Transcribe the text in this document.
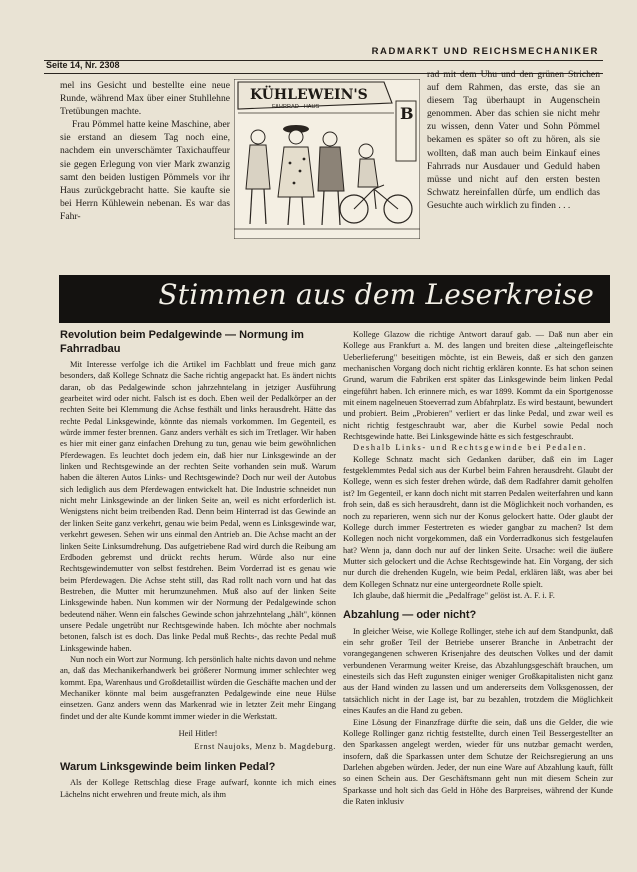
RADMARKT UND REICHSMECHANIKER
Seite 14, Nr. 2308

mel ins Gesicht und bestellte eine neue Runde, während Max über einer Stuhllehne Tretübungen machte.

Frau Pömmel hatte keine Maschine, aber sie erstand an diesem Tag noch eine, nachdem ein unverschämter Taxichauffeur sie gegen Erlegung von vier Mark zwanzig samt den beiden lustigen Pömmels vor ihr Haus zurückgebracht hatte. Sie kaufte sie bei Herrn Kühlewein nebenan. Es war das Fahr-

KÜHLEWEIN'S
FAHRRAD - HAUS	B

rad mit dem Uhu und den grünen Strichen auf dem Rahmen, das erste, das sie an diesem Tag überhaupt in Augenschein genommen. Aber das schien sie nicht mehr zu wissen, denn Vater und Sohn Pömmel bekamen es später so oft zu hören, als sie wollten, daß man auch beim Einkauf eines Fahrrads nur Ausdauer und Geduld haben müsse und nicht auf den ersten besten Schwatz hereinfallen dürfe, um endlich das Gesuchte auch wirklich zu finden . . .

Stimmen aus dem Leserkreise

Revolution beim Pedalgewinde — Normung im Fahrradbau

Mit Interesse verfolge ich die Artikel im Fachblatt und freue mich ganz besonders, daß Kollege Schnatz die Sache richtig angepackt hat. Es ändert nichts daran, ob das Pedalgewinde schon jahrzehntelang in jetziger Ausführung gearbeitet wird oder nicht. Falsch ist es doch. Eben weil der Pedalkörper an der rechten Seite bei Klemmung die Achse festhält und links herausdreht. Hätte das rechte Pedal Linksgewinde, könnte das niemals vorkommen. Im Gegenteil, es würde immer fester brennen. Ganz anders verhält es sich im Tretlager. Wir haben es hier mit einer ganz einfachen Drehung zu tun, genau wie beim gewöhnlichen Pferdewagen. Es leuchtet doch jedem ein, daß hier nur Linksgewinde an der linken und Rechtsgewinde an der rechten Seite vorhanden sein muß. Warum haben die älteren Autos Links- und Rechtsgewinde? Doch nur weil der Autobus sich lediglich aus dem Pferdewagen entwickelt hat. Die Industrie schneidet nun nicht mehr Linksgewinde an der linken Seite an, weil es nicht erforderlich ist. Wenigstens nicht beim treibenden Rad. Denn beim Hinterrad ist das Gewinde an der linken Seite ganz verkehrt, genau wie beim Pedal, wenn es Linksgewinde war, verkehrt gewesen. Sehen wir uns einmal den Antrieb an. Die Achse macht an der linken Seite Linksumdrehung. Das aufgetriebene Rad wird durch die Reibung am Erdboden gebremst und drückt rechts herum. Würde also nur eine Rechtsgewindemutter von selbst festdrehen. Beim Vorderrad ist es genau wie beim Pferdewagen. Die Achse steht still, das Rad rollt nach vorn und hat das Bestreben, die Mutter mit herumzunehmen. Muß also auf der linken Seite Linksgewinde haben. Nun kommen wir der Normung der Pedalgewinde schon bedeutend näher. Wenn ein falsches Gewinde schon jahrzehntelang „hält", können unsere Pedale ungetrübt nur Rechtsgewinde haben. Ich möchte aber nochmals betonen, falsch ist es doch. Das linke Pedal muß Rechts-, das rechte Pedal muß Linksgewinde haben.

Nun noch ein Wort zur Normung. Ich persönlich halte nichts davon und nehme an, daß das Mechanikerhandwerk bei größerer Normung immer schlechter weg kommt. Epa, Warenhaus und Großdetaillist würden die Geschäfte machen und der Mechaniker könnte mal beim ausgefranzten Pedalgewinde eine neue Hülse einsetzen. Ganz anders wenn das Markenrad wie in letzter Zeit mehr Eingang findet und der alte Kunde kommt immer wieder in die Werkstatt.

Heil Hitler!

Ernst Naujoks, Menz b. Magdeburg.

Warum Linksgewinde beim linken Pedal?

Als der Kollege Rettschlag diese Frage aufwarf, konnte ich mich eines Lächelns nicht erwehren und freute mich, als ihm

Kollege Glazow die richtige Antwort darauf gab. — Daß nun aber ein Kollege aus Frankfurt a. M. des langen und breiten diese „alteingefleischte Ueberlieferung" beseitigen möchte, ist ein Beweis, daß er sich den ganzen mechanischen Vorgang doch nicht richtig erklären konnte. Es hat schon seinen Grund, warum die Fabriken erst später das Linksgewinde beim linken Pedal eingeführt haben. Ich erinnere mich, es war 1899. Kommt da ein Sportgenosse mit einem nagelneuen Stoeverrad zum Abfahrplatz. Es wird bestaunt, bewundert und probiert. Beim „Probieren" verliert er das linke Pedal, und zwar weil es nicht richtig festgeschraubt war, aber die Kurbel sowie Pedal noch Rechtsgewinde hatte. Bei Linksgewinde hätte es sich festgeschraubt.

Deshalb Links- und Rechtsgewinde bei Pedalen.

Kollege Schnatz macht sich Gedanken darüber, daß ein im Lager festgeklemmtes Pedal sich aus der Kurbel beim Fahren herausdreht. Glaubt der Kollege, wenn es sich fester drehen würde, daß dem Radfahrer damit geholfen ist? Im Gegenteil, er kann doch nicht mit starren Pedalen weiterfahren und kann froh sein, daß es sich herausdreht, dann ist die Möglichkeit noch vorhanden, es noch zu reparieren, wenn sich nur der Konus gelockert hatte. Oder glaubt der Kollege durch immer Festertreten es wieder gangbar zu machen? Ist dem Kollegen noch nicht vorgekommen, daß ein Vorderradkonus sich festgelaufen hat? Wenn ja, dann doch nur auf der linken Seite. Ursache: weil die äußere Mutter sich gelockert und die Achse Rechtsgewinde hat. Ein Vorgang, der sich nur durch die drehenden Kugeln, wie beim Pedal, erklären läßt, was aber bei dem Kollegen Schnatz nur eine untergeordnete Rolle spielt.

Ich glaube, daß hiermit die „Pedalfrage" gelöst ist. A. F. i. F.

Abzahlung — oder nicht?

In gleicher Weise, wie Kollege Rollinger, stehe ich auf dem Standpunkt, daß ein sehr großer Teil der Betriebe unserer Branche in Anbetracht der vorangegangenen schweren Krisenjahre des deutschen Volkes und der damit verbundenen Verarmung weiter Kreise, das Abzahlungsgeschäft brauchen, um einesteils sich das Heft zugunsten einiger weniger Großkapitalisten nicht ganz aus der Hand winden zu lassen und um andererseits dem Volksgenossen, der tatsächlich nicht in der Lage ist, bar zu bezahlen, trotzdem die Möglichkeit eines Kaufes an die Hand zu geben.

Eine Lösung der Finanzfrage dürfte die sein, daß uns die Gelder, die wie Kollege Rollinger ganz richtig feststellte, durch einen Teil Bessergestellter an den Sparkassen angelegt werden, wieder für uns nutzbar gemacht werden, insofern, daß die Sparkassen unter dem Schutze der Reichsregierung an uns Darlehen abgeben würden. Jeder, der nun eine Ware auf Abzahlung kauft, füllt so einen Schein aus. Der Geschäftsmann geht nun mit diesem Schein zur Sparkasse und holt sich das Geld in Höhe des Barpreises, während der Kunde die Raten inklusiv
